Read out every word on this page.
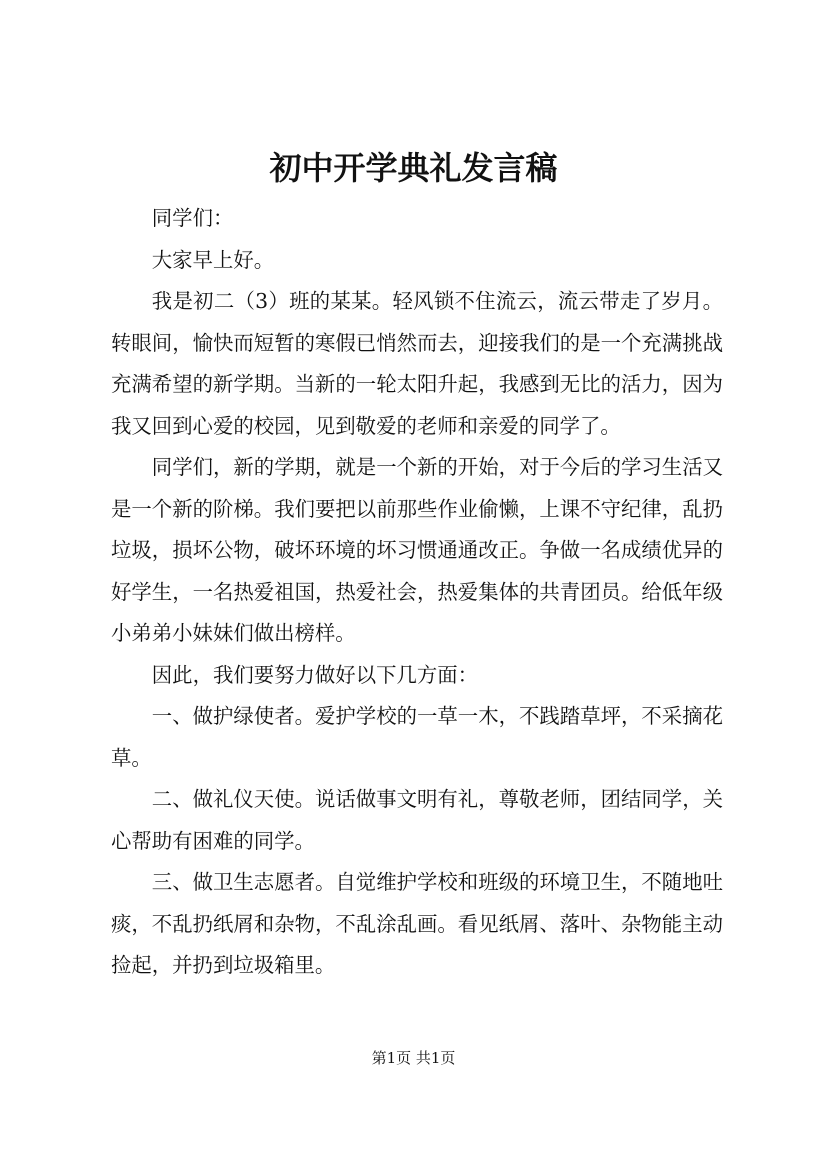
初中开学典礼发言稿

同学们：

大家早上好。

我是初二（3）班的某某。轻风锁不住流云，流云带走了岁月。转眼间，愉快而短暂的寒假已悄然而去，迎接我们的是一个充满挑战充满希望的新学期。当新的一轮太阳升起，我感到无比的活力，因为我又回到心爱的校园，见到敬爱的老师和亲爱的同学了。

同学们，新的学期，就是一个新的开始，对于今后的学习生活又是一个新的阶梯。我们要把以前那些作业偷懒，上课不守纪律，乱扔垃圾，损坏公物，破坏环境的坏习惯通通改正。争做一名成绩优异的好学生，一名热爱祖国，热爱社会，热爱集体的共青团员。给低年级小弟弟小妹妹们做出榜样。

因此，我们要努力做好以下几方面：

一、做护绿使者。爱护学校的一草一木，不践踏草坪，不采摘花草。

二、做礼仪天使。说话做事文明有礼，尊敬老师，团结同学，关心帮助有困难的同学。

三、做卫生志愿者。自觉维护学校和班级的环境卫生，不随地吐痰，不乱扔纸屑和杂物，不乱涂乱画。看见纸屑、落叶、杂物能主动捡起，并扔到垃圾箱里。

第1页 共1页
